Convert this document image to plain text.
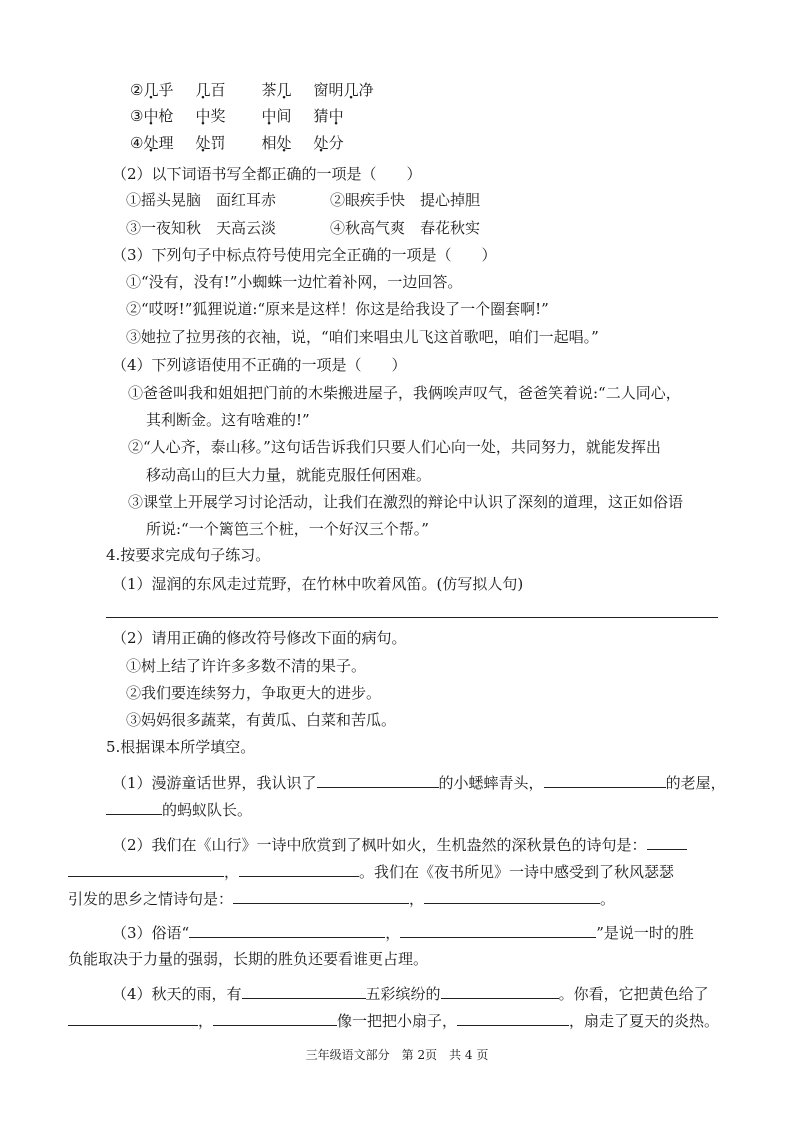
②几乎 几百 茶几 窗明几净
③中枪 中奖 中间 猜中
④处理 处罚 相处 处分
（2）以下词语书写全都正确的一项是（　　）
①摇头晃脑　面红耳赤	②眼疾手快　提心掉胆
③一夜知秋　天高云淡	④秋高气爽　春花秋实
（3）下列句子中标点符号使用完全正确的一项是（　　）
①“没有，没有!”小蜘蛛一边忙着补网，一边回答。
②“哎呀!”狐狸说道:“原来是这样！你这是给我设了一个圈套啊!”
③她拉了拉男孩的衣袖，说，“咱们来唱虫儿飞这首歌吧，咱们一起唱。”
（4）下列谚语使用不正确的一项是（　　）
①爸爸叫我和姐姐把门前的木柴搬进屋子，我俩唉声叹气，爸爸笑着说:“二人同心，
其利断金。这有啥难的!”
②“人心齐，泰山移。”这句话告诉我们只要人们心向一处，共同努力，就能发挥出
移动高山的巨大力量，就能克服任何困难。
③课堂上开展学习讨论活动，让我们在激烈的辩论中认识了深刻的道理，这正如俗语
所说:“一个篱笆三个桩，一个好汉三个帮。”
4.按要求完成句子练习。
（1）湿润的东风走过荒野，在竹林中吹着风笛。(仿写拟人句)
（2）请用正确的修改符号修改下面的病句。
①树上结了许许多多数不清的果子。
②我们要连续努力，争取更大的进步。
③妈妈很多蔬菜，有黄瓜、白菜和苦瓜。
5.根据课本所学填空。
（1）漫游童话世界，我认识了	的小蟋蟀青头，	的老屋，
的蚂蚁队长。
（2）我们在《山行》一诗中欣赏到了枫叶如火，生机盎然的深秋景色的诗句是：
，	。我们在《夜书所见》一诗中感受到了秋风瑟瑟
引发的思乡之情诗句是：	，	。
（3）俗语“	，	”是说一时的胜
负能取决于力量的强弱，长期的胜负还要看谁更占理。
（4）秋天的雨，有	五彩缤纷的	。你看，它把黄色给了
，	像一把把小扇子，	，扇走了夏天的炎热。
三年级语文部分　第 2页　共 4 页
